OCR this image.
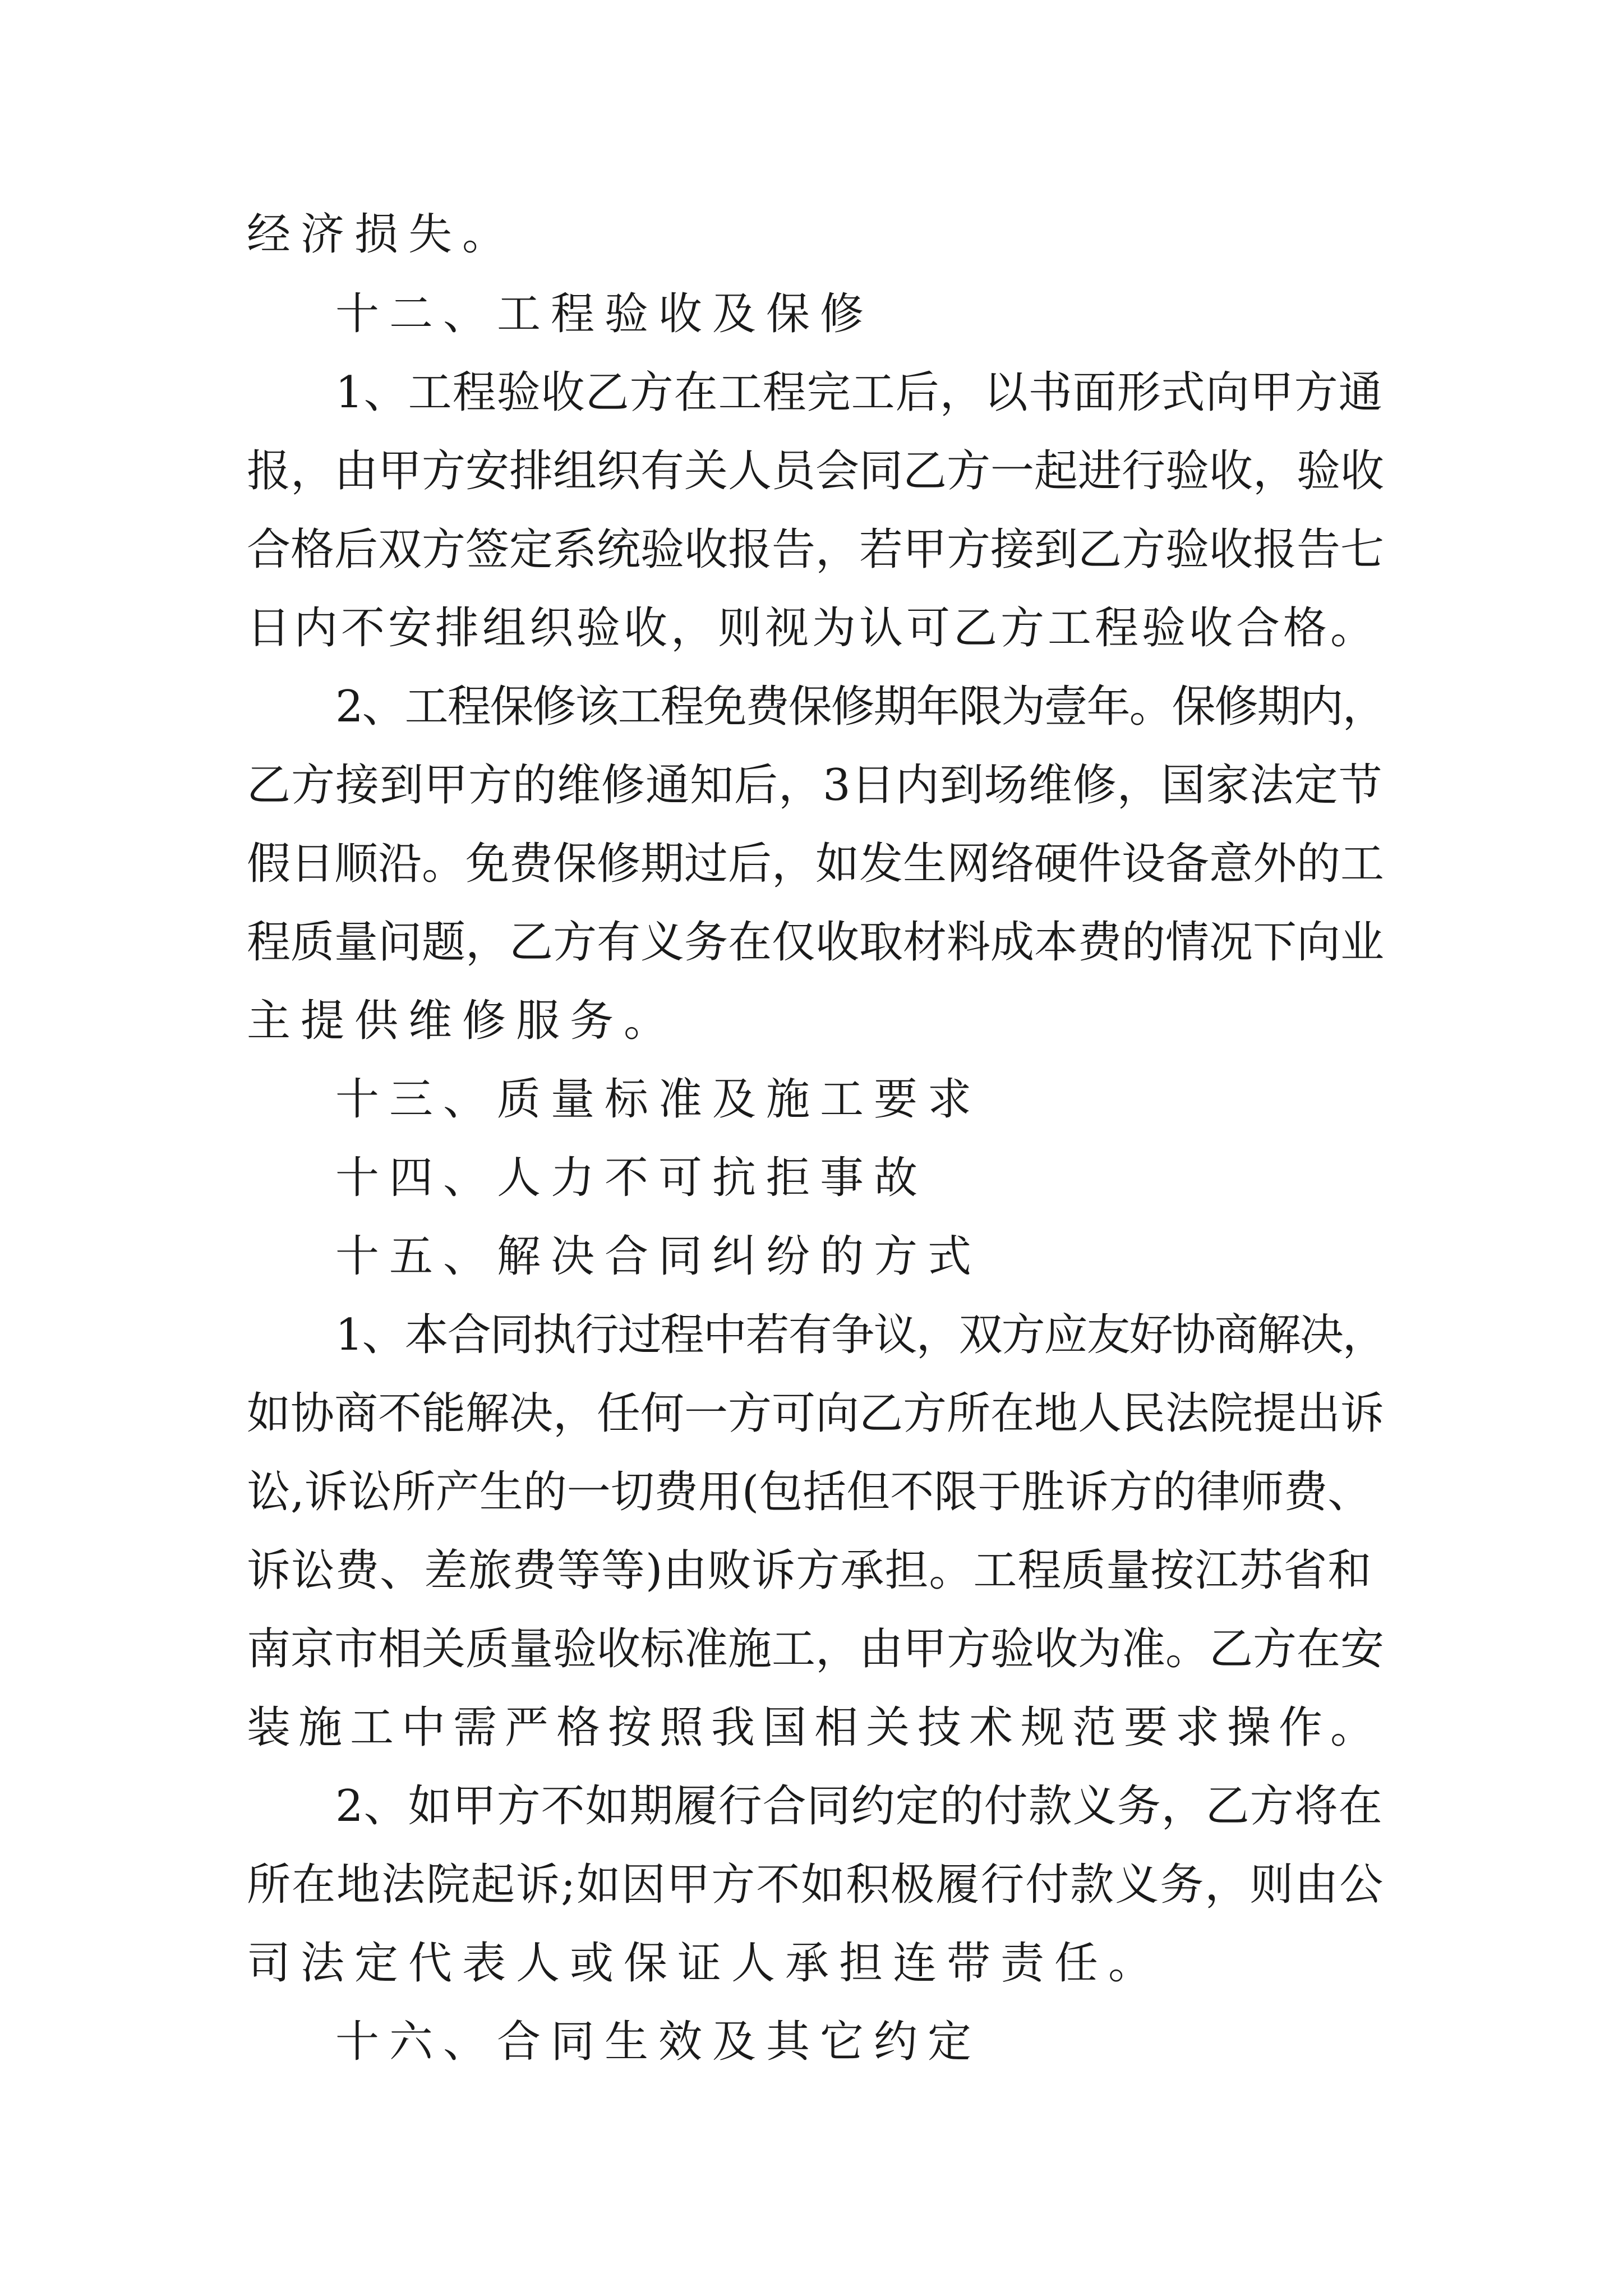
经济损失。

十二、工程验收及保修

1、工程验收乙方在工程完工后，以书面形式向甲方通

报，由甲方安排组织有关人员会同乙方一起进行验收，验收

合格后双方签定系统验收报告，若甲方接到乙方验收报告七

日内不安排组织验收，则视为认可乙方工程验收合格。

2、工程保修该工程免费保修期年限为壹年。保修期内，

乙方接到甲方的维修通知后，3日内到场维修，国家法定节

假日顺沿。免费保修期过后，如发生网络硬件设备意外的工

程质量问题，乙方有义务在仅收取材料成本费的情况下向业

主提供维修服务。

十三、质量标准及施工要求

十四、人力不可抗拒事故

十五、解决合同纠纷的方式

1、本合同执行过程中若有争议，双方应友好协商解决，

如协商不能解决，任何一方可向乙方所在地人民法院提出诉

讼,诉讼所产生的一切费用(包括但不限于胜诉方的律师费、

诉讼费、差旅费等等)由败诉方承担。工程质量按江苏省和

南京市相关质量验收标准施工，由甲方验收为准。乙方在安

装施工中需严格按照我国相关技术规范要求操作。

2、如甲方不如期履行合同约定的付款义务，乙方将在

所在地法院起诉;如因甲方不如积极履行付款义务，则由公

司法定代表人或保证人承担连带责任。

十六、合同生效及其它约定
